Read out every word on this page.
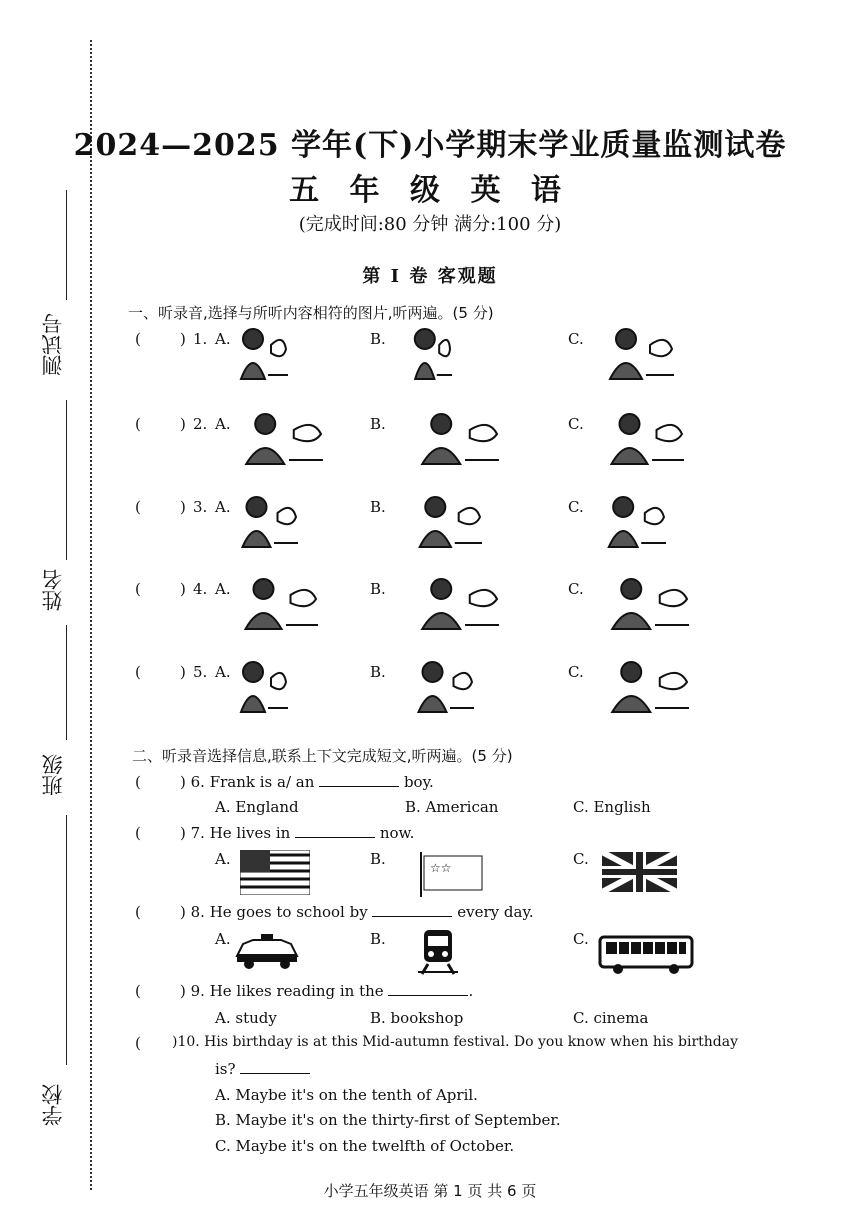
测试号
姓名
班级
学校
2024—2025 学年(下)小学期末学业质量监测试卷
五 年 级 英 语
(完成时间:80 分钟 满分:100 分)
第 I 卷 客观题
一、听录音,选择与所听内容相符的图片,听两遍。(5 分)
(	) 1. A.	B.	C.
(	) 2. A.	B.	C.
(	) 3. A.	B.	C.
(	) 4. A.	B.	C.
(	) 5. A.	B.	C.
二、听录音选择信息,联系上下文完成短文,听两遍。(5 分)
(	) 6. Frank is a/ an	boy.
A. England	B. American	C. English
(	) 7. He lives in	now.
A.	B.	☆☆	C.
(	) 8. He goes to school by	every day.
A.	B.	C.
(	) 9. He likes reading in the	.
A. study	B. bookshop	C. cinema
( )10. His birthday is at this Mid-autumn festival. Do you know when his birthday
is?
A. Maybe it's on the tenth of April.
B. Maybe it's on the thirty-first of September.
C. Maybe it's on the twelfth of October.
小学五年级英语 第 1 页 共 6 页
